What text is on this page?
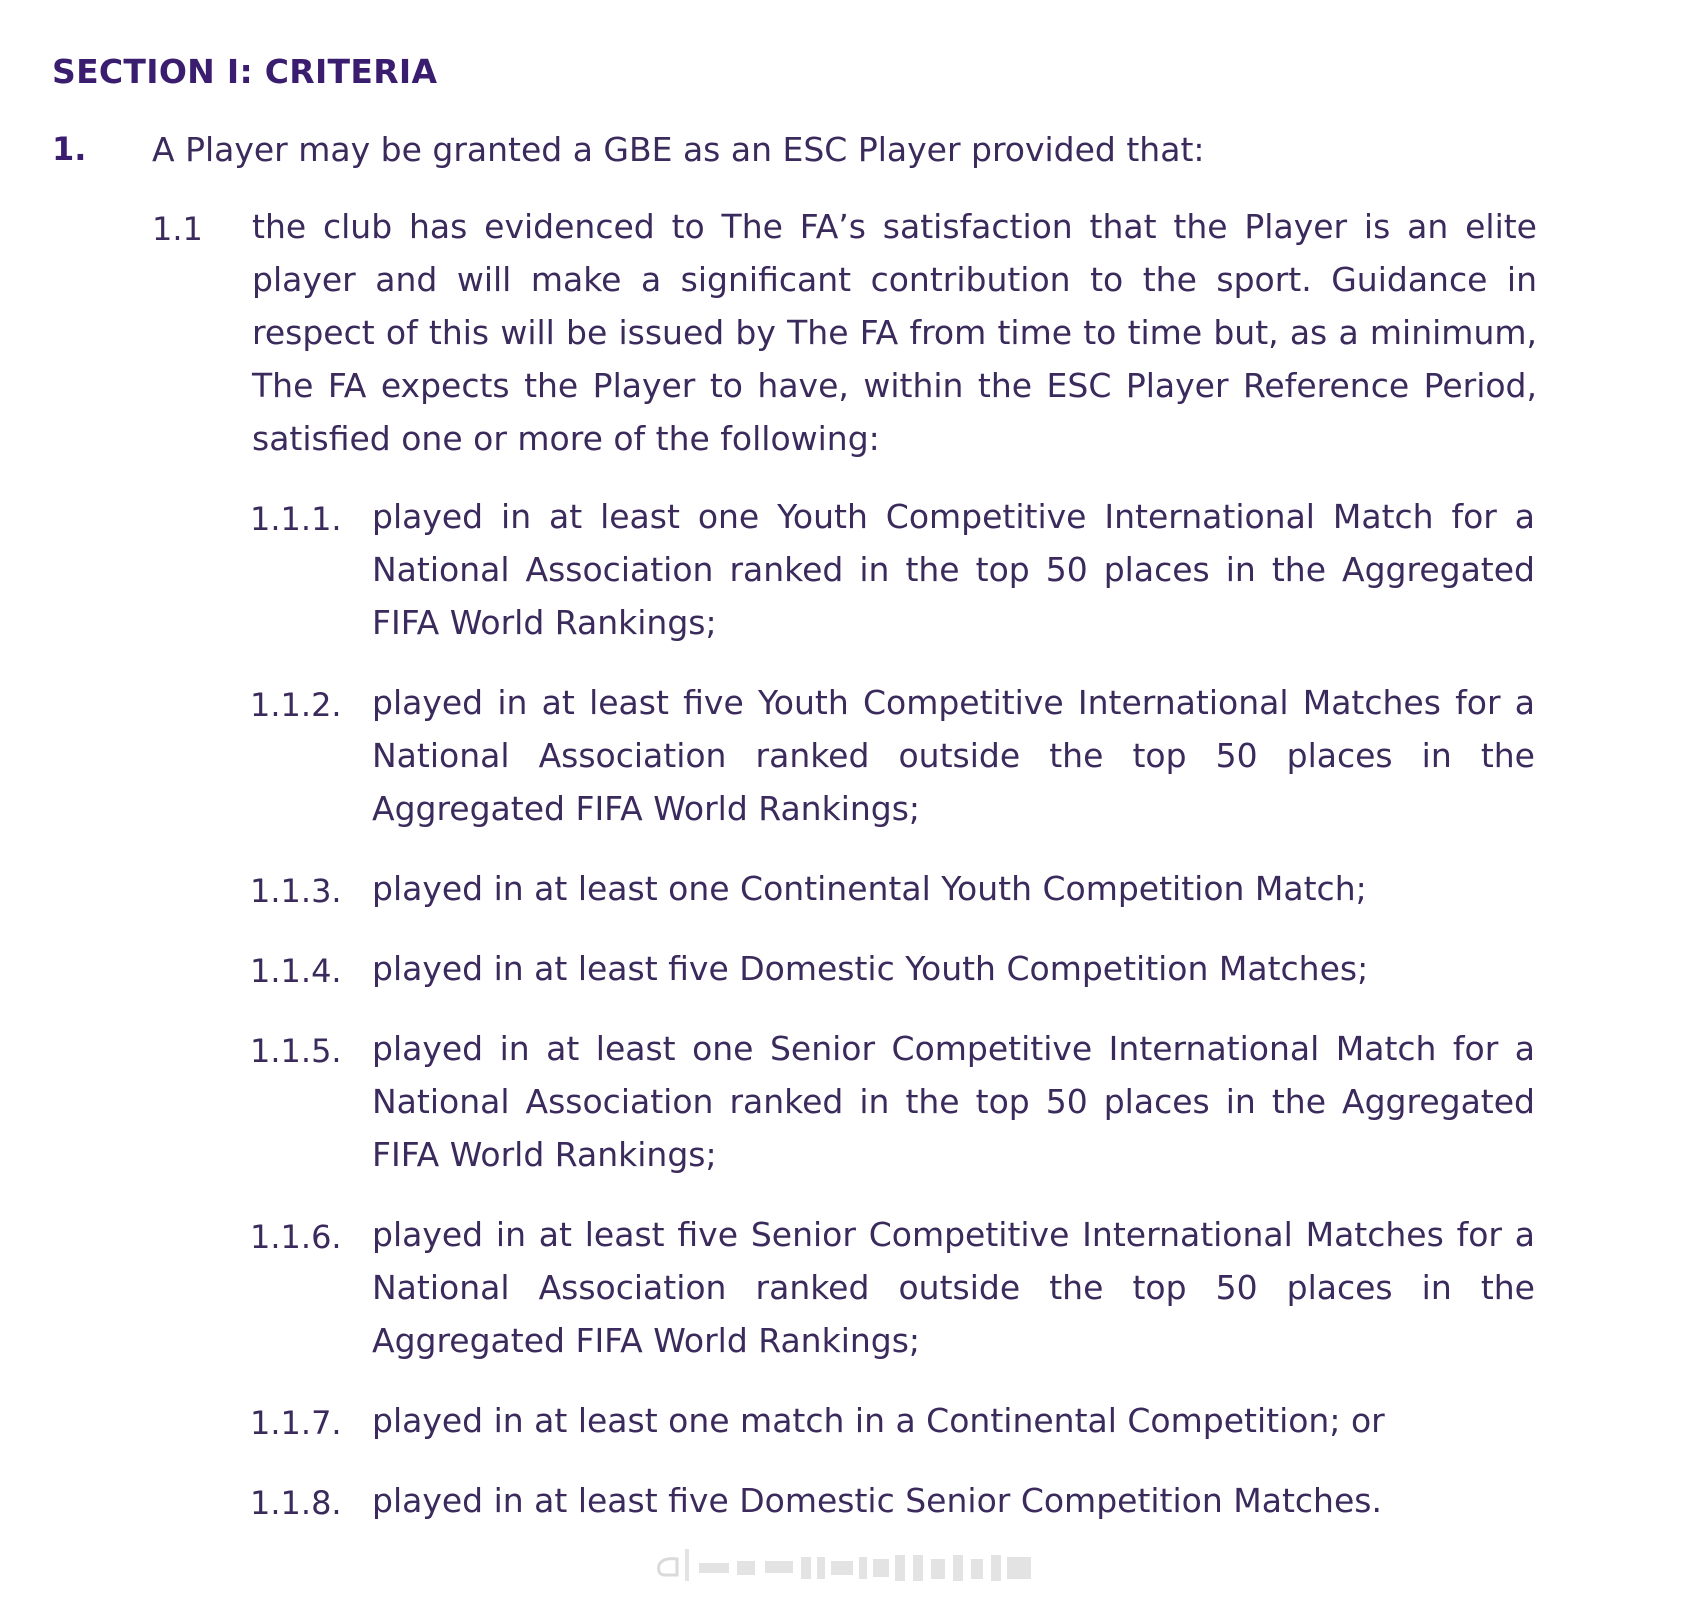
SECTION I: CRITERIA
1. A Player may be granted a GBE as an ESC Player provided that:
1.1 the club has evidenced to The FA’s satisfaction that the Player is an elite player and will make a significant contribution to the sport. Guidance in respect of this will be issued by The FA from time to time but, as a minimum, The FA expects the Player to have, within the ESC Player Reference Period, satisfied one or more of the following:
1.1.1. played in at least one Youth Competitive International Match for a National Association ranked in the top 50 places in the Aggregated FIFA World Rankings;
1.1.2. played in at least five Youth Competitive International Matches for a National Association ranked outside the top 50 places in the Aggregated FIFA World Rankings;
1.1.3. played in at least one Continental Youth Competition Match;
1.1.4. played in at least five Domestic Youth Competition Matches;
1.1.5. played in at least one Senior Competitive International Match for a National Association ranked in the top 50 places in the Aggregated FIFA World Rankings;
1.1.6. played in at least five Senior Competitive International Matches for a National Association ranked outside the top 50 places in the Aggregated FIFA World Rankings;
1.1.7. played in at least one match in a Continental Competition; or
1.1.8. played in at least five Domestic Senior Competition Matches.
